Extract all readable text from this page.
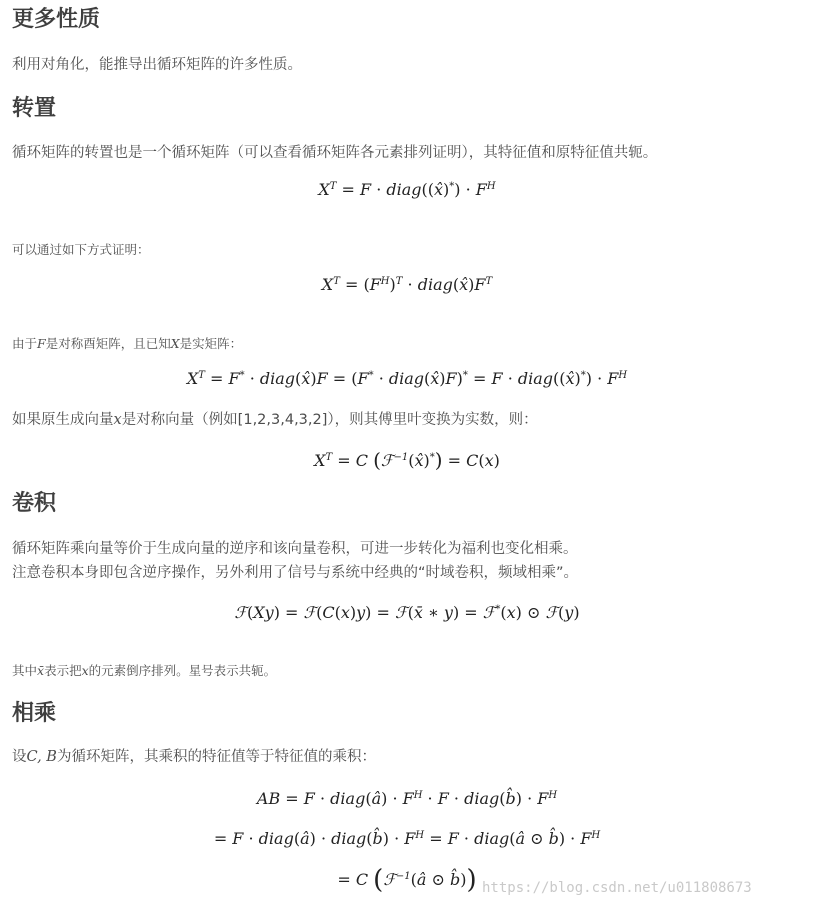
更多性质
利用对角化，能推导出循环矩阵的许多性质。
转置
循环矩阵的转置也是一个循环矩阵（可以查看循环矩阵各元素排列证明），其特征值和原特征值共轭。
$X^T = F$ · diag((x̂)*) · $F^H$
可以通过如下方式证明：
$X^T = (F^H)^T$ · $diag(x̂)F^T$
由于F是对称酉矩阵，且已知X是实矩阵：
$X^T = F^*$ · diag(x̂)F = (F* · diag(x̂)F)* = F · diag((x̂)*) · $F^H$
如果原生成向量x是对称向量（例如[1,2,3,4,3,2]），则其傅里叶变换为实数，则：
$X^T = C$ (ℱ$^{-1}$(x̂)*) = C(x)
卷积
循环矩阵乘向量等价于生成向量的逆序和该向量卷积，可进一步转化为福利也变化相乘。
注意卷积本身即包含逆序操作，另外利用了信号与系统中经典的“时域卷积，频域相乘”。
ℱ(Xy) = ℱ(C(x)y) = ℱ(x̄ ∗ y) = ℱ*(x) ⊙ ℱ(y)
其中x̄表示把x的元素倒序排列。星号表示共轭。
相乘
设C, B为循环矩阵，其乘积的特征值等于特征值的乘积：
AB = F · diag(â) · $F^H \cdot F$ · diag(b̂) · $F^H$
= F · diag(â) · diag(b̂) · $F^H = F$ · diag(â ⊙ b̂) · $F^H$
= C (ℱ$^{-1}$(â ⊙ b̂)) https://blog.csdn.net/u011808673
